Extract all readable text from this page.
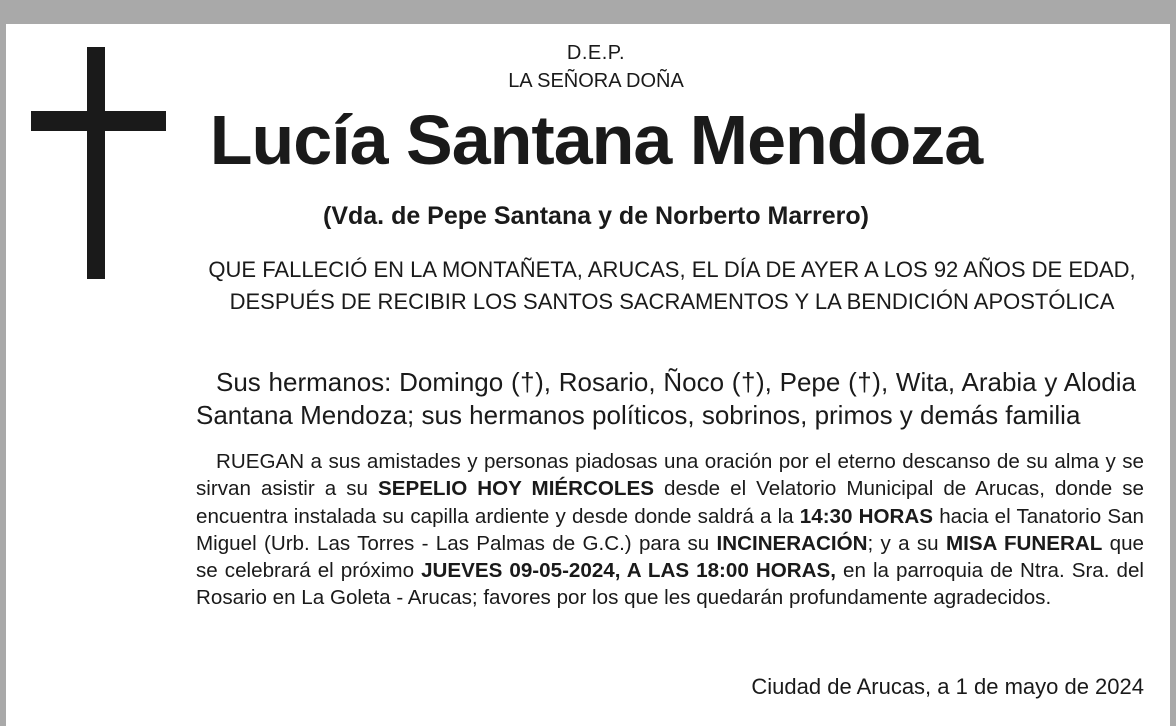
D.E.P.
LA SEÑORA DOÑA
Lucía Santana Mendoza
(Vda. de Pepe Santana y de Norberto Marrero)
QUE FALLECIÓ EN LA MONTAÑETA, ARUCAS, EL DÍA DE AYER A LOS 92 AÑOS DE EDAD, DESPUÉS DE RECIBIR LOS SANTOS SACRAMENTOS Y LA BENDICIÓN APOSTÓLICA
Sus hermanos: Domingo (†), Rosario, Ñoco (†), Pepe (†), Wita, Arabia y Alodia Santana Mendoza; sus hermanos políticos, sobrinos, primos y demás familia
RUEGAN a sus amistades y personas piadosas una oración por el eterno descanso de su alma y se sirvan asistir a su SEPELIO HOY MIÉRCOLES desde el Velatorio Municipal de Arucas, donde se encuentra instalada su capilla ardiente y desde donde saldrá a la 14:30 HORAS hacia el Tanatorio San Miguel (Urb. Las Torres - Las Palmas de G.C.) para su INCINERACIÓN; y a su MISA FUNERAL que se celebrará el próximo JUEVES 09-05-2024, A LAS 18:00 HORAS, en la parroquia de Ntra. Sra. del Rosario en La Goleta - Arucas; favores por los que les quedarán profundamente agradecidos.
Ciudad de Arucas, a 1 de mayo de 2024
